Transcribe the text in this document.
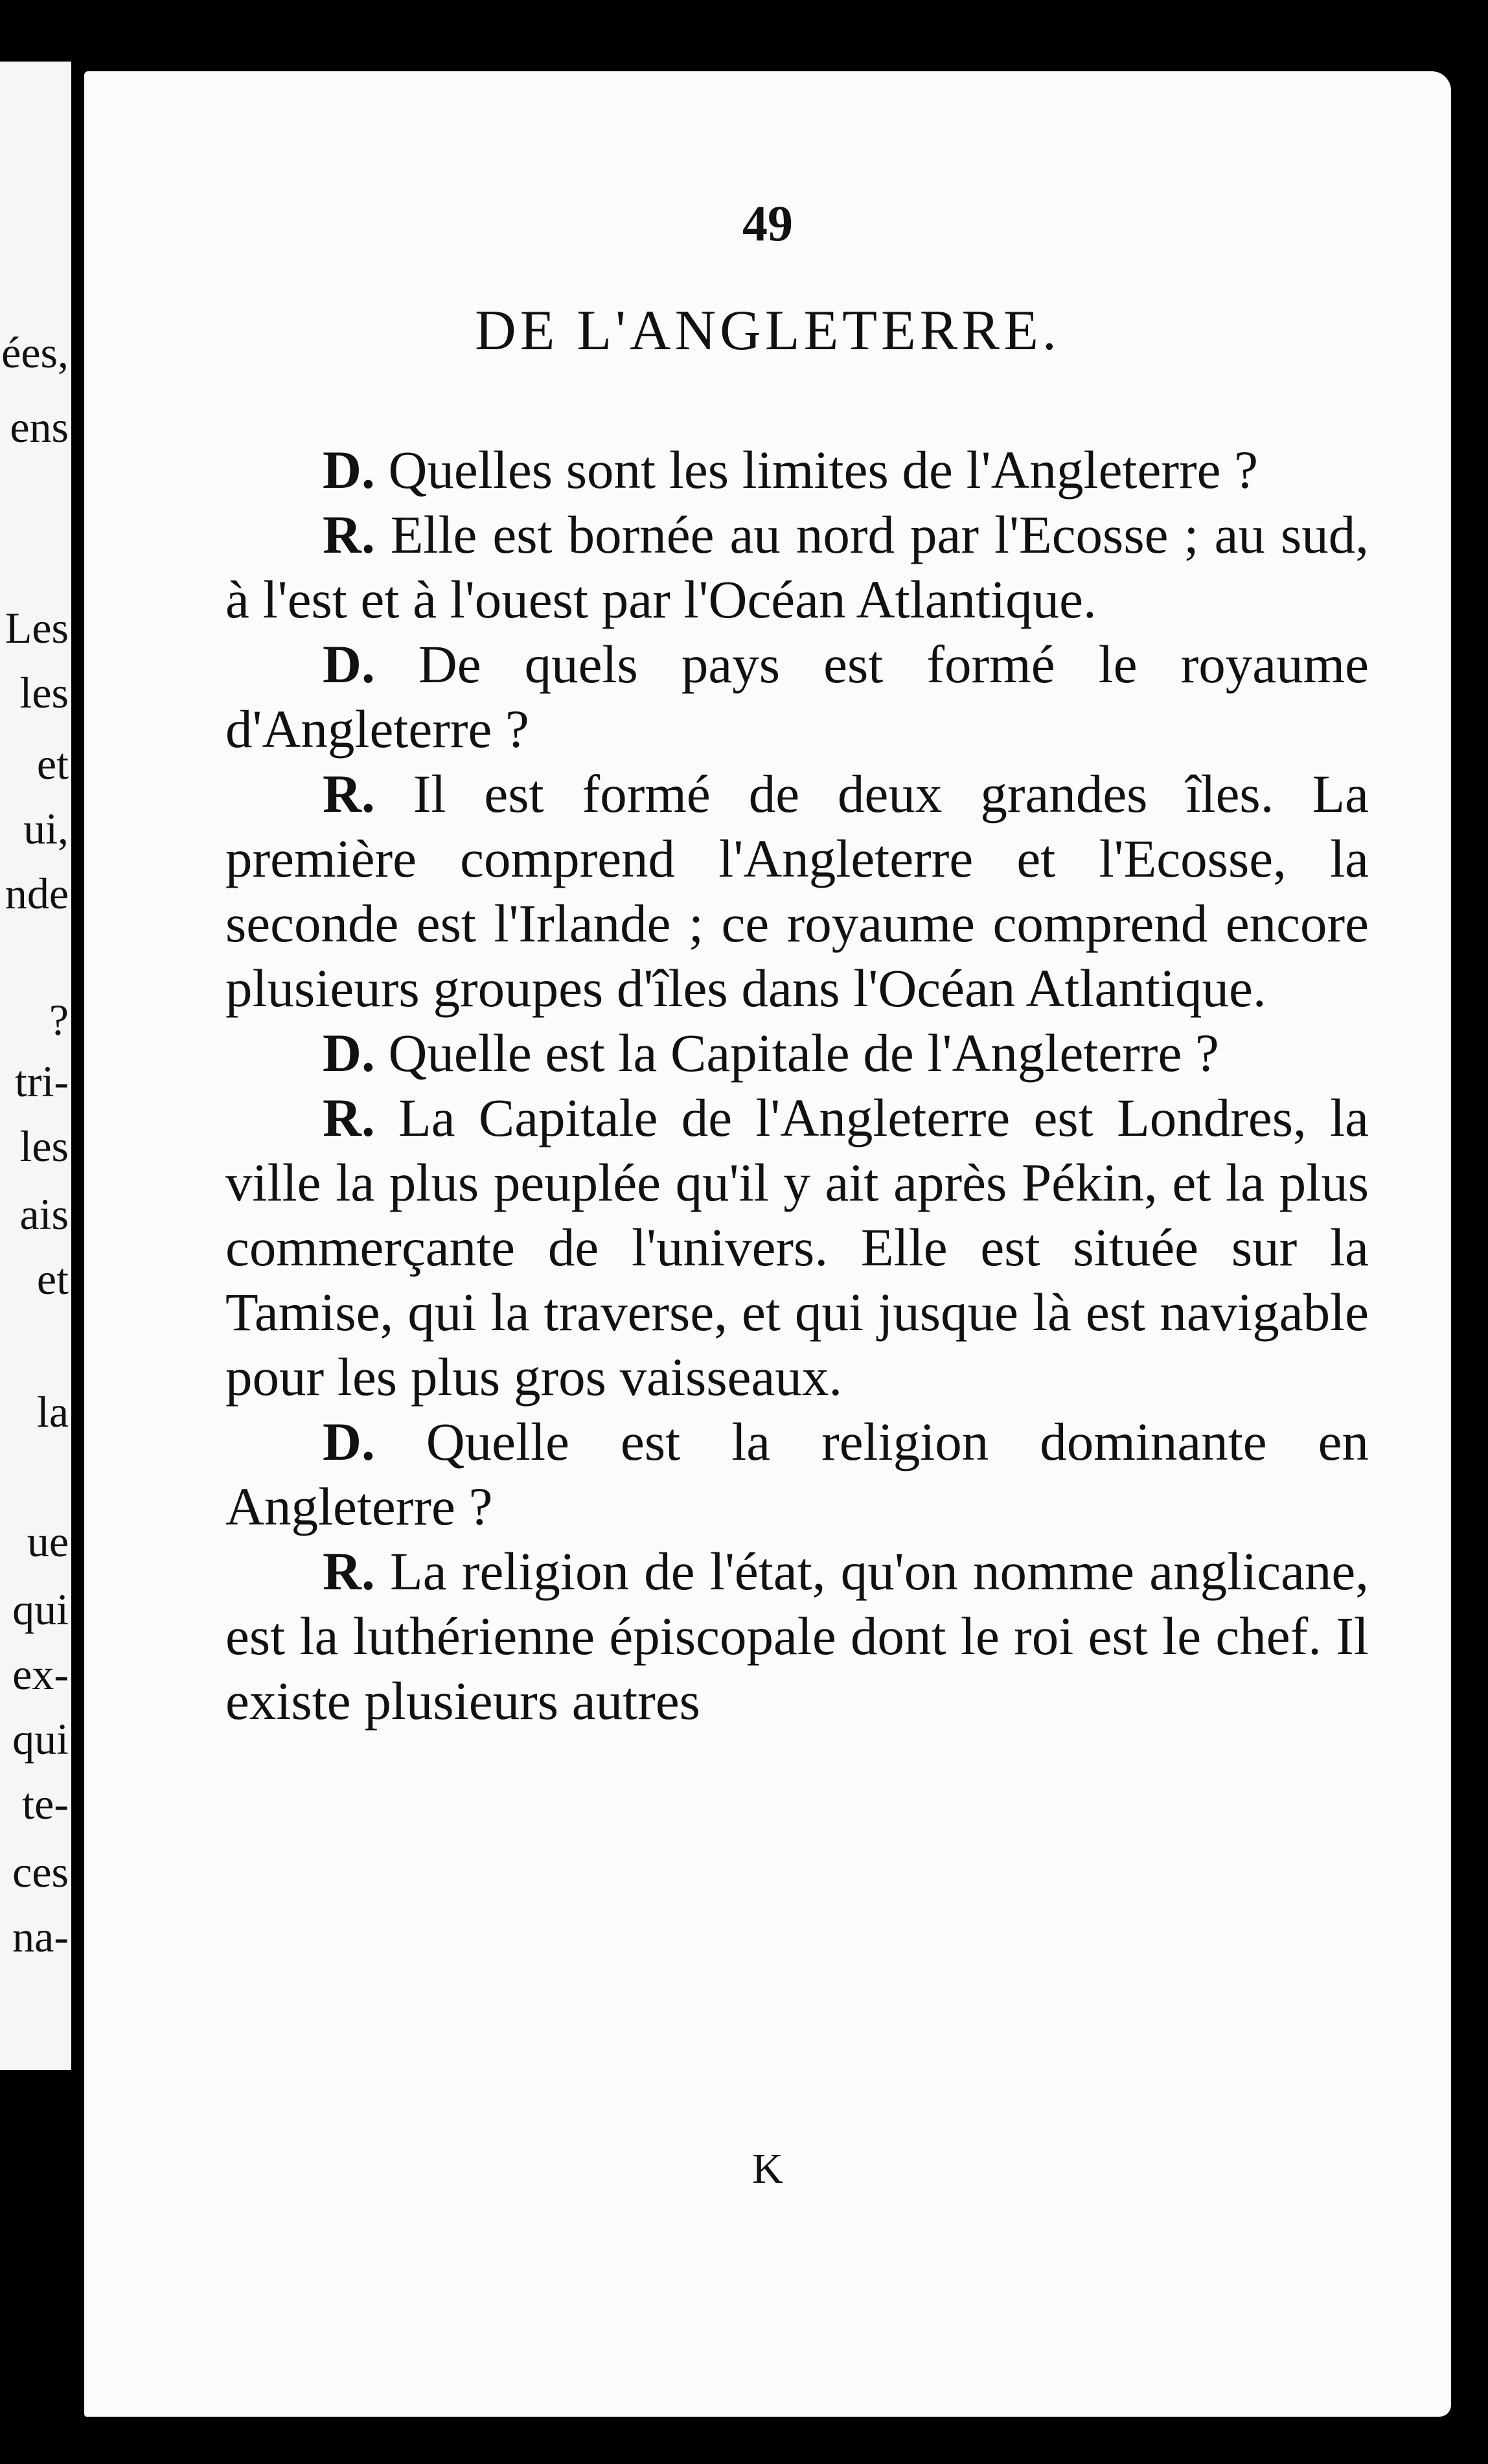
ées,
ens
Les
les
et
ui,
nde
?
tri-
les
ais
et
la
ue
qui
ex-
qui
te-
ces
na-
49
DE L'ANGLETERRE.

D. Quelles sont les limites de l'Angleterre ?

R. Elle est bornée au nord par l'Ecosse ; au sud, à l'est et à l'ouest par l'Océan Atlantique.

D. De quels pays est formé le royaume d'Angleterre ?

R. Il est formé de deux grandes îles. La première comprend l'Angleterre et l'Ecosse, la seconde est l'Irlande ; ce royaume comprend encore plusieurs groupes d'îles dans l'Océan Atlantique.

D. Quelle est la Capitale de l'Angleterre ?

R. La Capitale de l'Angleterre est Londres, la ville la plus peuplée qu'il y ait après Pékin, et la plus commerçante de l'univers. Elle est située sur la Tamise, qui la traverse, et qui jusque là est navigable pour les plus gros vaisseaux.

D. Quelle est la religion dominante en Angleterre ?

R. La religion de l'état, qu'on nomme anglicane, est la luthérienne épiscopale dont le roi est le chef. Il existe plusieurs autres

K
